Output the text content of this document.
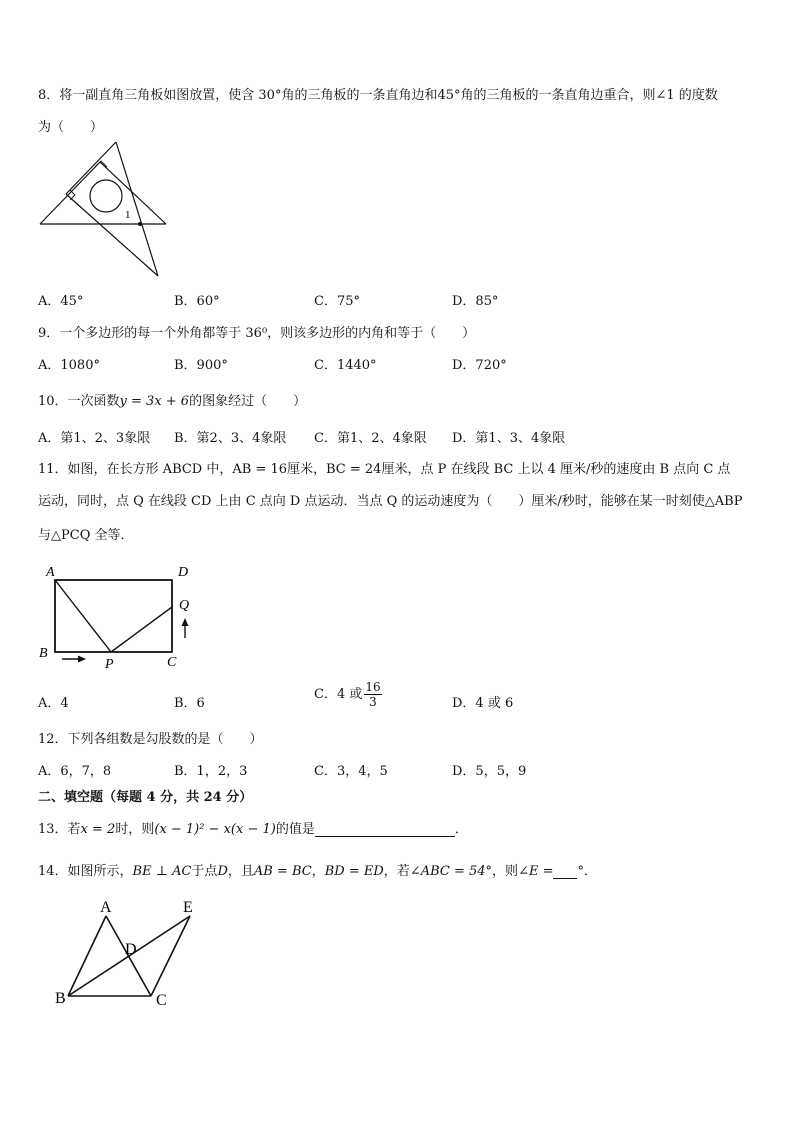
8．将一副直角三角板如图放置，使含 30°角的三角板的一条直角边和45°角的三角板的一条直角边重合，则∠1 的度数
为（　　）
1
A．45°	B．60°	C．75°	D．85°
9．一个多边形的每一个外角都等于 36⁰，则该多边形的内角和等于（　　）
A．1080°	B．900°	C．1440°	D．720°
10．一次函数y = 3x + 6的图象经过（　　）
A．第1、2、3象限 B．第2、3、4象限 C．第1、2、4象限 D．第1、3、4象限
11．如图，在长方形 ABCD 中，AB = 16厘米，BC = 24厘米，点 P 在线段 BC 上以 4 厘米/秒的速度由 B 点向 C 点
运动，同时，点 Q 在线段 CD 上由 C 点向 D 点运动．当点 Q 的运动速度为（　　）厘米/秒时，能够在某一时刻使△ABP
与△PCQ 全等．
A	D
Q
B
P	C
A．4	B．6
C．4 或 $\frac{16}{3}$	D．4 或 6
12．下列各组数是勾股数的是（　　）
A．6，7，8	B．1，2，3	C．3，4，5	D．5，5，9
二、填空题（每题 4 分，共 24 分）
13．若x = 2时，则(x − 1)² − x(x − 1)的值是	．
14．如图所示，BE ⊥ AC于点D，且AB = BC，BD = ED，若∠ABC = 54°，则∠E = °．
A	E
D
B	C
